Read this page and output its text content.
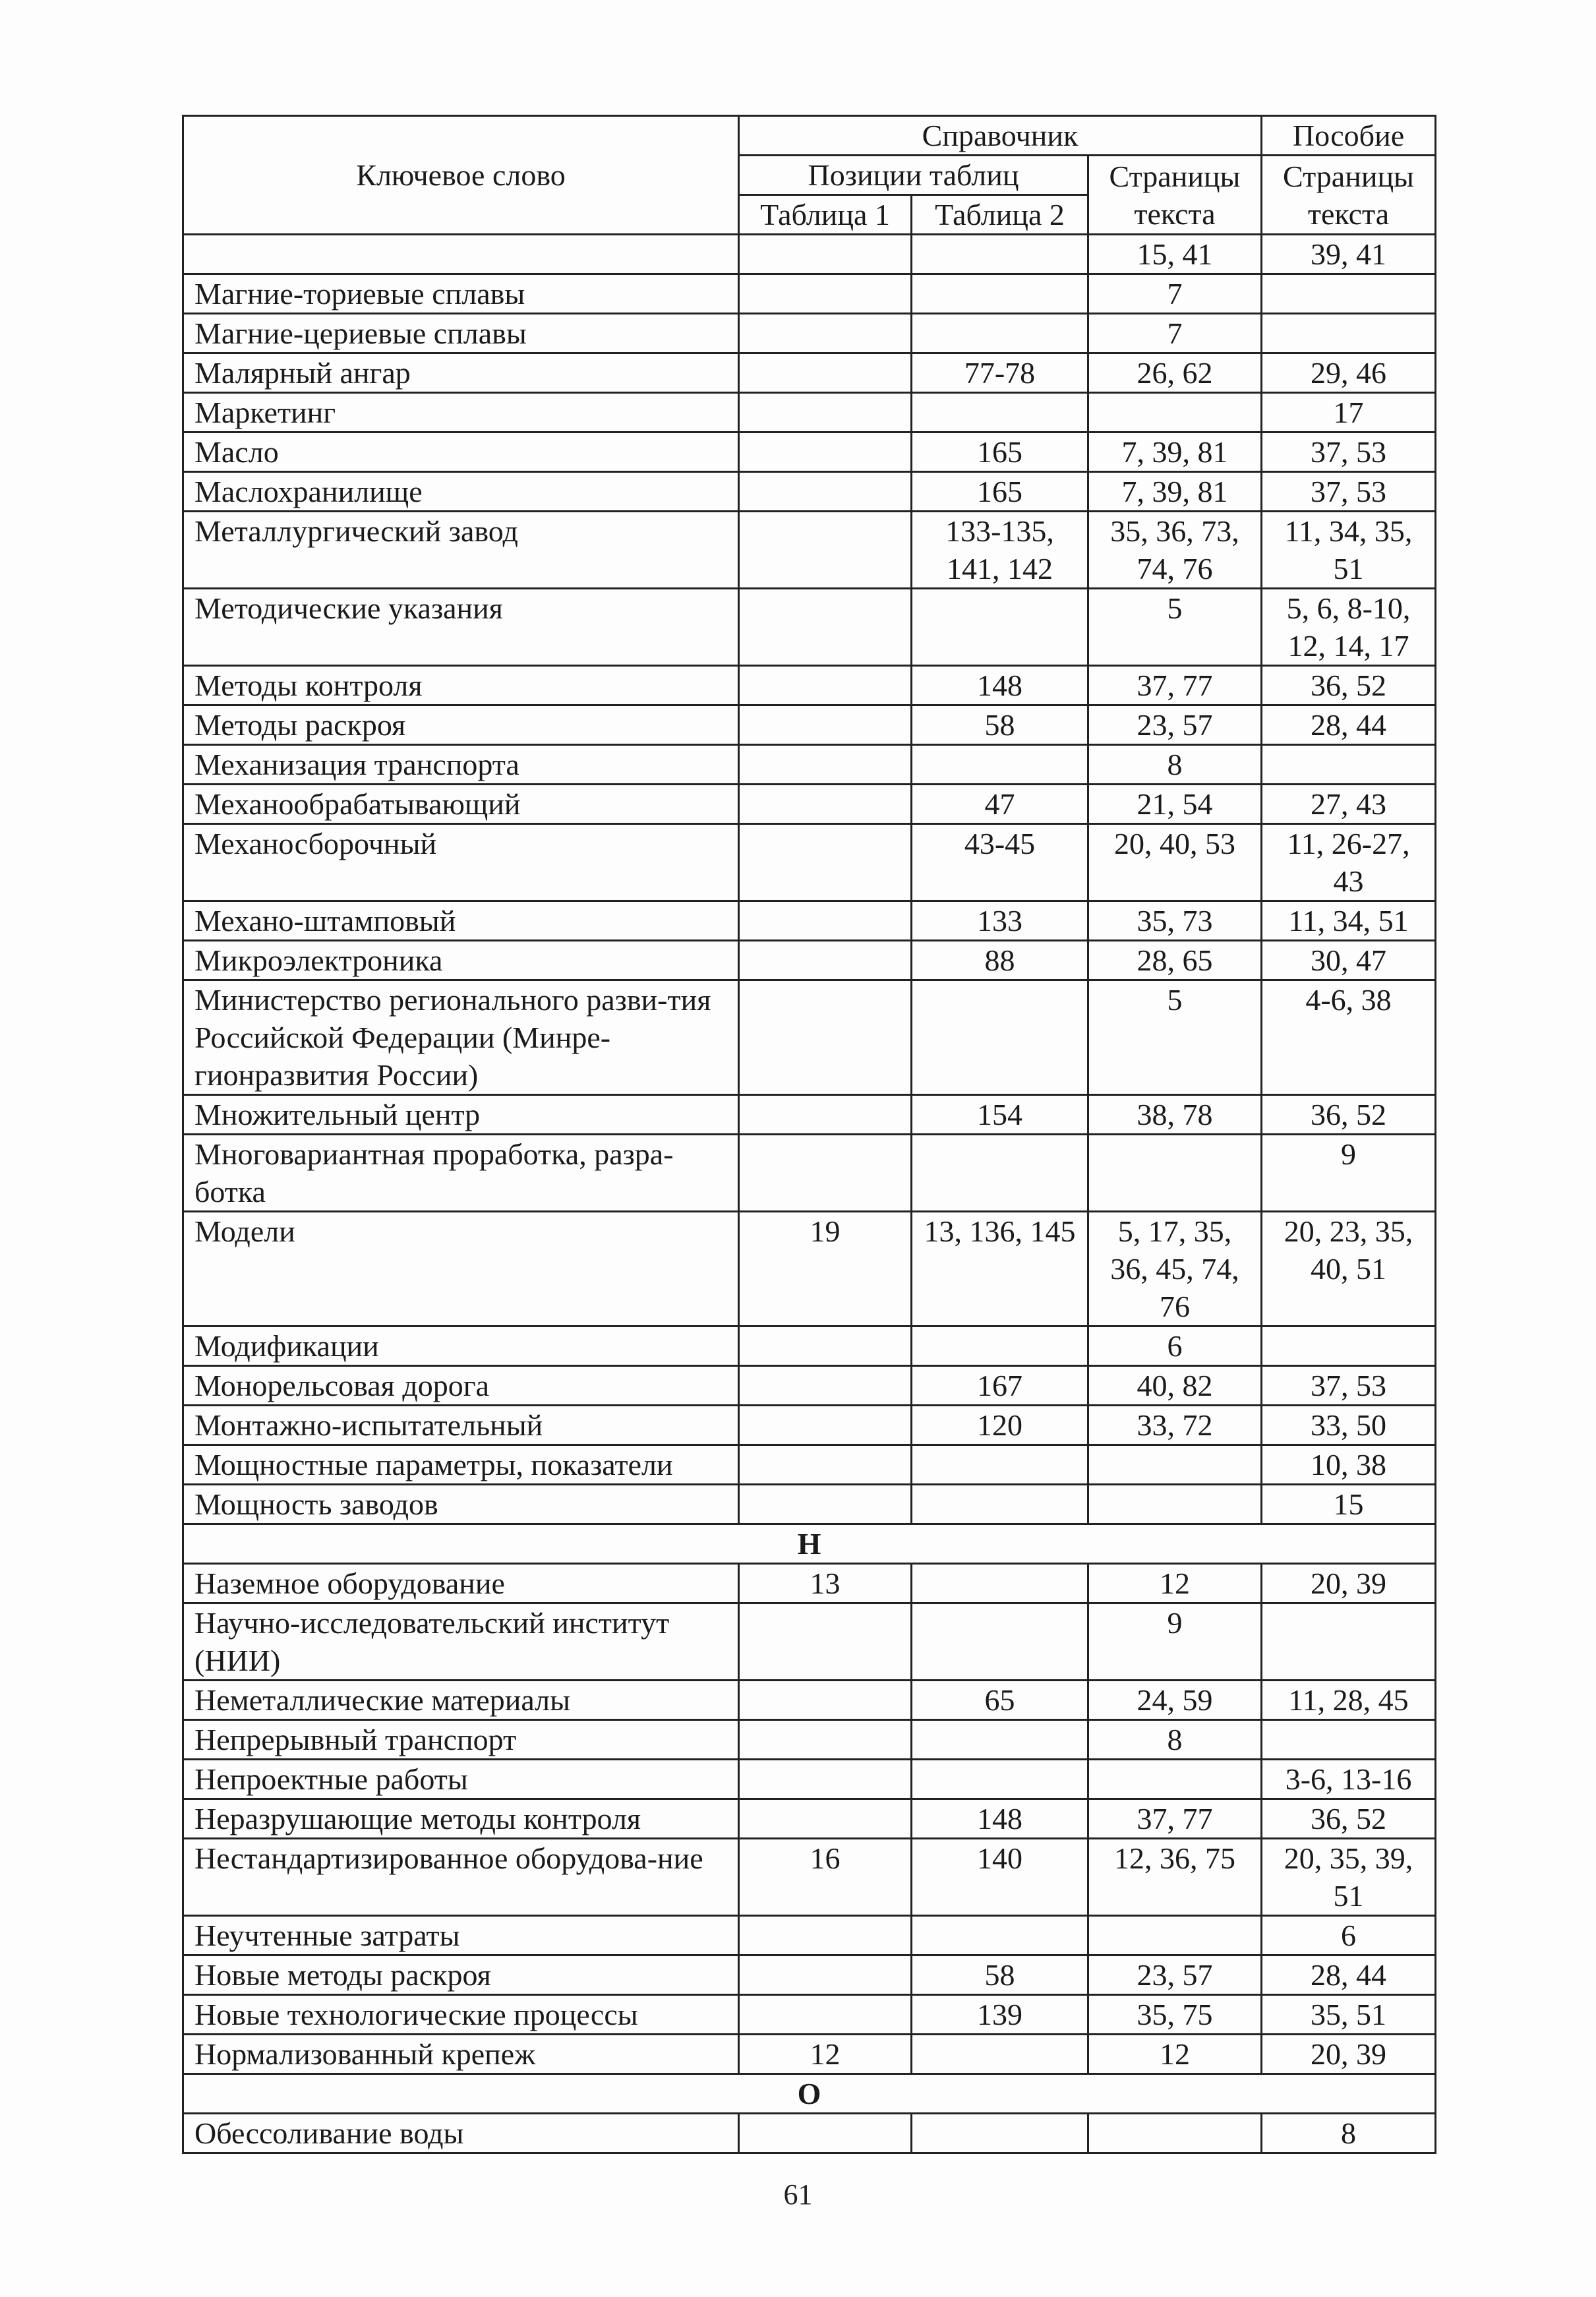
Ключевое слово	Справочник			Пособие
	Позиции таблиц		Страницы текста	Страницы текста
	Таблица 1	Таблица 2		
			15, 41	39, 41
Магние-ториевые сплавы			7	
Магние-цериевые сплавы			7	
Малярный ангар		77-78	26, 62	29, 46
Маркетинг				17
Масло		165	7, 39, 81	37, 53
Маслохранилище		165	7, 39, 81	37, 53
Металлургический завод		133-135, 141, 142	35, 36, 73, 74, 76	11, 34, 35, 51
Методические указания			5	5, 6, 8-10, 12, 14, 17
Методы контроля		148	37, 77	36, 52
Методы раскроя		58	23, 57	28, 44
Механизация транспорта			8	
Механообрабатывающий		47	21, 54	27, 43
Механосборочный		43-45	20, 40, 53	11, 26-27, 43
Механо-штамповый		133	35, 73	11, 34, 51
Микроэлектроника		88	28, 65	30, 47
Министерство регионального разви-тия Российской Федерации (Минре-гионразвития России)			5	4-6, 38
Множительный центр		154	38, 78	36, 52
Многовариантная проработка, разра-ботка				9
Модели	19	13, 136, 145	5, 17, 35, 36, 45, 74, 76	20, 23, 35, 40, 51
Модификации			6	
Монорельсовая дорога		167	40, 82	37, 53
Монтажно-испытательный		120	33, 72	33, 50
Мощностные параметры, показатели				10, 38
Мощность заводов				15
Н				
Наземное оборудование	13		12	20, 39
Научно-исследовательский институт (НИИ)			9	
Неметаллические материалы		65	24, 59	11, 28, 45
Непрерывный транспорт			8	
Непроектные работы				3-6, 13-16
Неразрушающие методы контроля		148	37, 77	36, 52
Нестандартизированное оборудова-ние	16	140	12, 36, 75	20, 35, 39, 51
Неучтенные затраты				6
Новые методы раскроя		58	23, 57	28, 44
Новые технологические процессы		139	35, 75	35, 51
Нормализованный крепеж	12		12	20, 39
О				
Обессоливание воды				8
61
